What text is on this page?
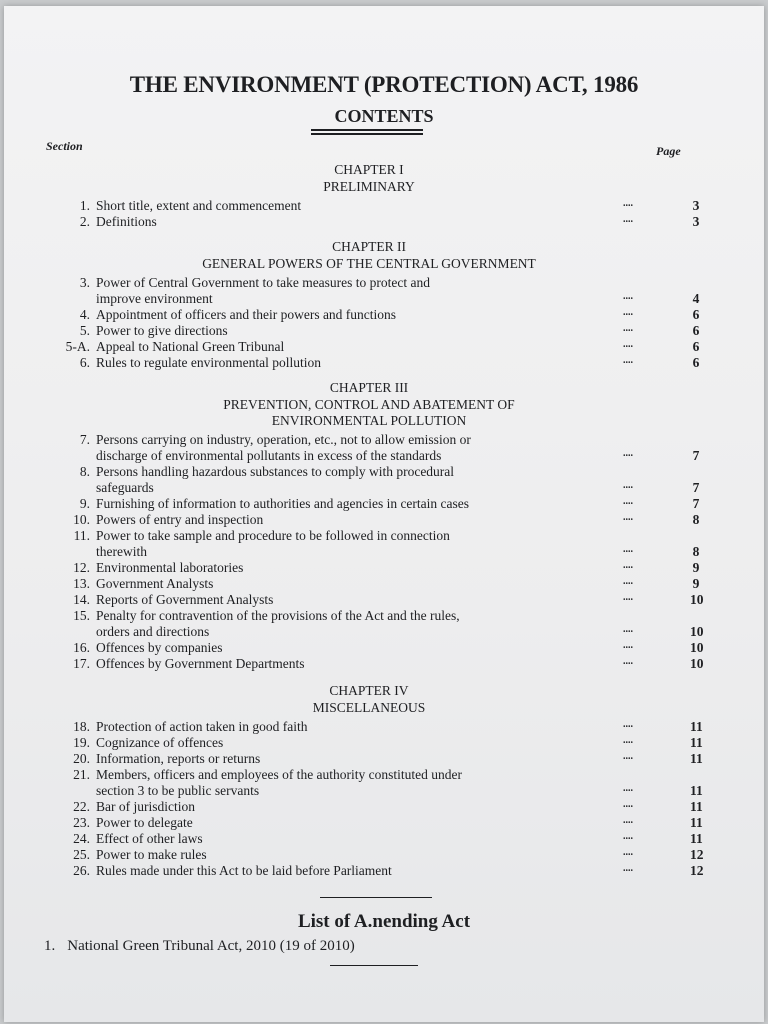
THE ENVIRONMENT (PROTECTION) ACT, 1986
CONTENTS
Section	Page
CHAPTER I
PRELIMINARY
1. Short title, extent and commencement	....	3
2. Definitions	....	3
CHAPTER II
GENERAL POWERS OF THE CENTRAL GOVERNMENT
3. Power of Central Government to take measures to protect and
improve environment	....	4
4. Appointment of officers and their powers and functions	....	6
5. Power to give directions	....	6
5-A. Appeal to National Green Tribunal	....	6
6. Rules to regulate environmental pollution	....	6
CHAPTER III
PREVENTION, CONTROL AND ABATEMENT OF
ENVIRONMENTAL POLLUTION
7. Persons carrying on industry, operation, etc., not to allow emission or
discharge of environmental pollutants in excess of the standards	....	7
8. Persons handling hazardous substances to comply with procedural
safeguards	....	7
9. Furnishing of information to authorities and agencies in certain cases	....	7
10. Powers of entry and inspection	....	8
11. Power to take sample and procedure to be followed in connection
therewith	....	8
12. Environmental laboratories	....	9
13. Government Analysts	....	9
14. Reports of Government Analysts	....	10
15. Penalty for contravention of the provisions of the Act and the rules,
orders and directions	....	10
16. Offences by companies	....	10
17. Offences by Government Departments	....	10
CHAPTER IV
MISCELLANEOUS
18. Protection of action taken in good faith	....	11
19. Cognizance of offences	....	11
20. Information, reports or returns	....	11
21. Members, officers and employees of the authority constituted under
section 3 to be public servants	....	11
22. Bar of jurisdiction	....	11
23. Power to delegate	....	11
24. Effect of other laws	....	11
25. Power to make rules	....	12
26. Rules made under this Act to be laid before Parliament	....	12
List of A.nending Act
1. National Green Tribunal Act, 2010 (19 of 2010)
